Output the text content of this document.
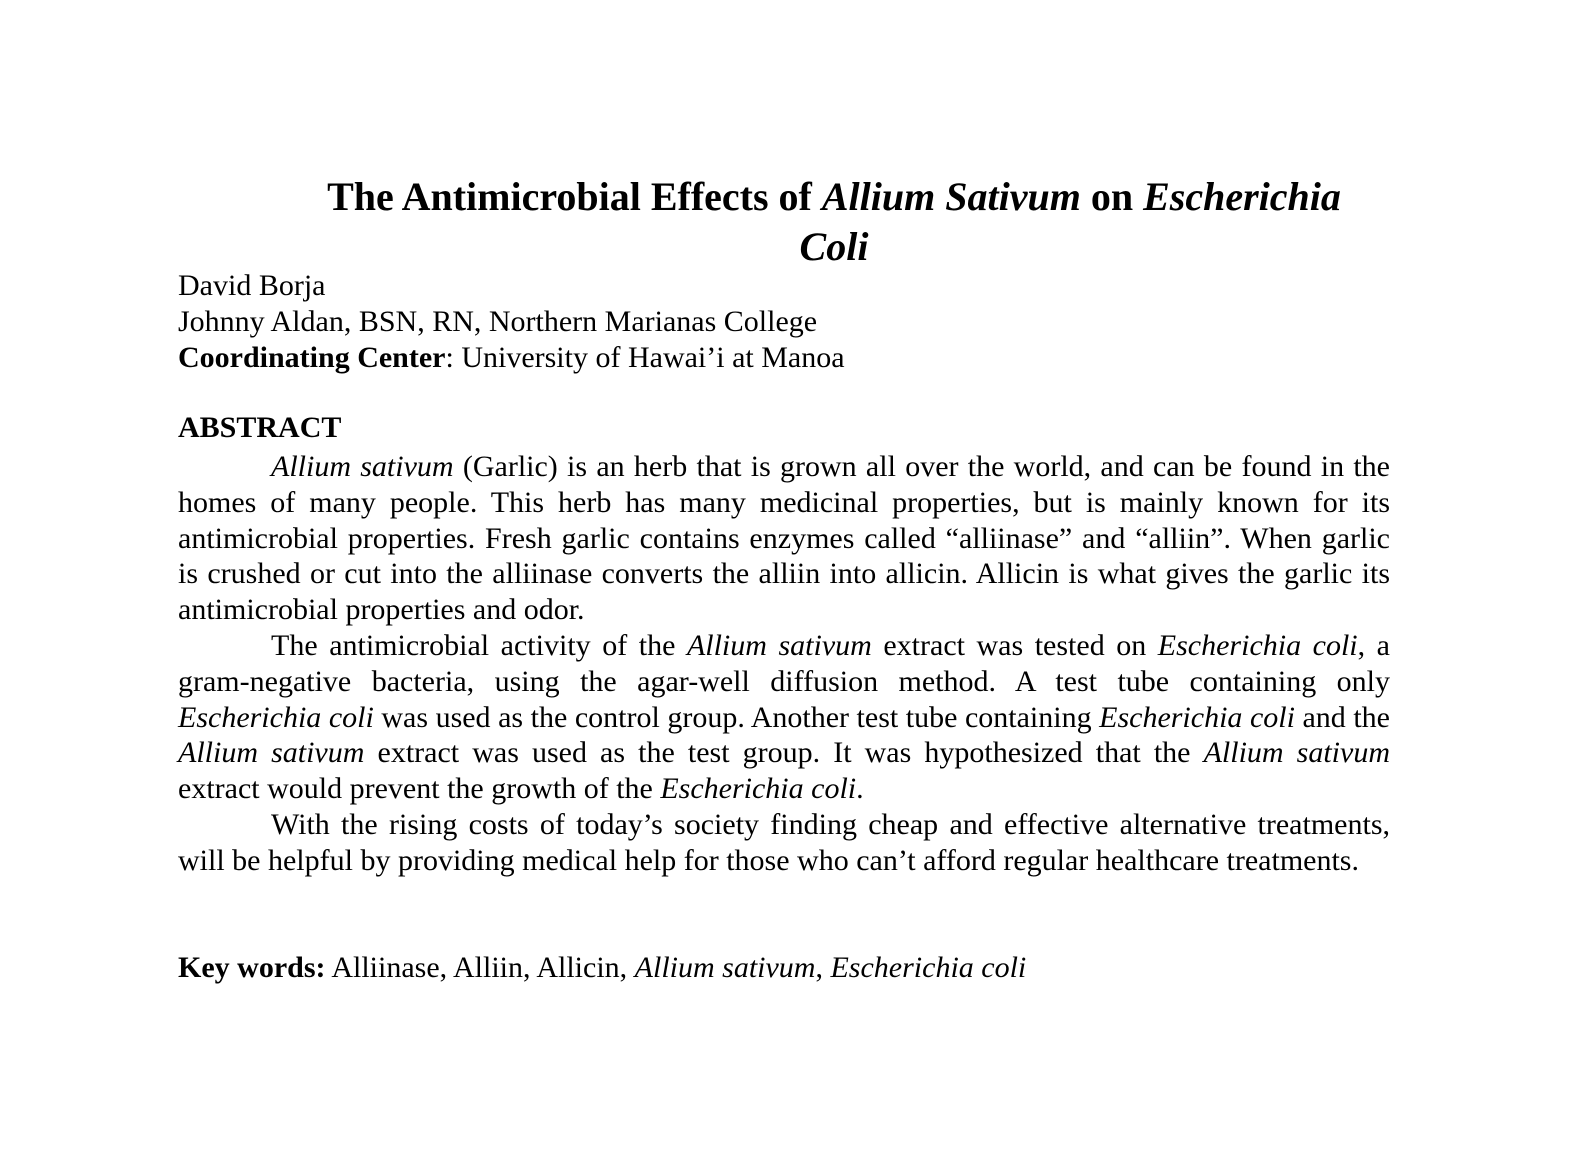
The Antimicrobial Effects of Allium Sativum on Escherichia Coli
David Borja
Johnny Aldan, BSN, RN, Northern Marianas College
Coordinating Center: University of Hawai’i at Manoa
ABSTRACT

Allium sativum (Garlic) is an herb that is grown all over the world, and can be found in the homes of many people. This herb has many medicinal properties, but is mainly known for its antimicrobial properties. Fresh garlic contains enzymes called “alliinase” and “alliin”. When garlic is crushed or cut into the alliinase converts the alliin into allicin. Allicin is what gives the garlic its antimicrobial properties and odor.

The antimicrobial activity of the Allium sativum extract was tested on Escherichia coli, a gram-negative bacteria, using the agar-well diffusion method. A test tube containing only Escherichia coli was used as the control group. Another test tube containing Escherichia coli and the Allium sativum extract was used as the test group. It was hypothesized that the Allium sativum extract would prevent the growth of the Escherichia coli.

With the rising costs of today’s society finding cheap and effective alternative treatments, will be helpful by providing medical help for those who can’t afford regular healthcare treatments.

Key words: Alliinase, Alliin, Allicin, Allium sativum, Escherichia coli
